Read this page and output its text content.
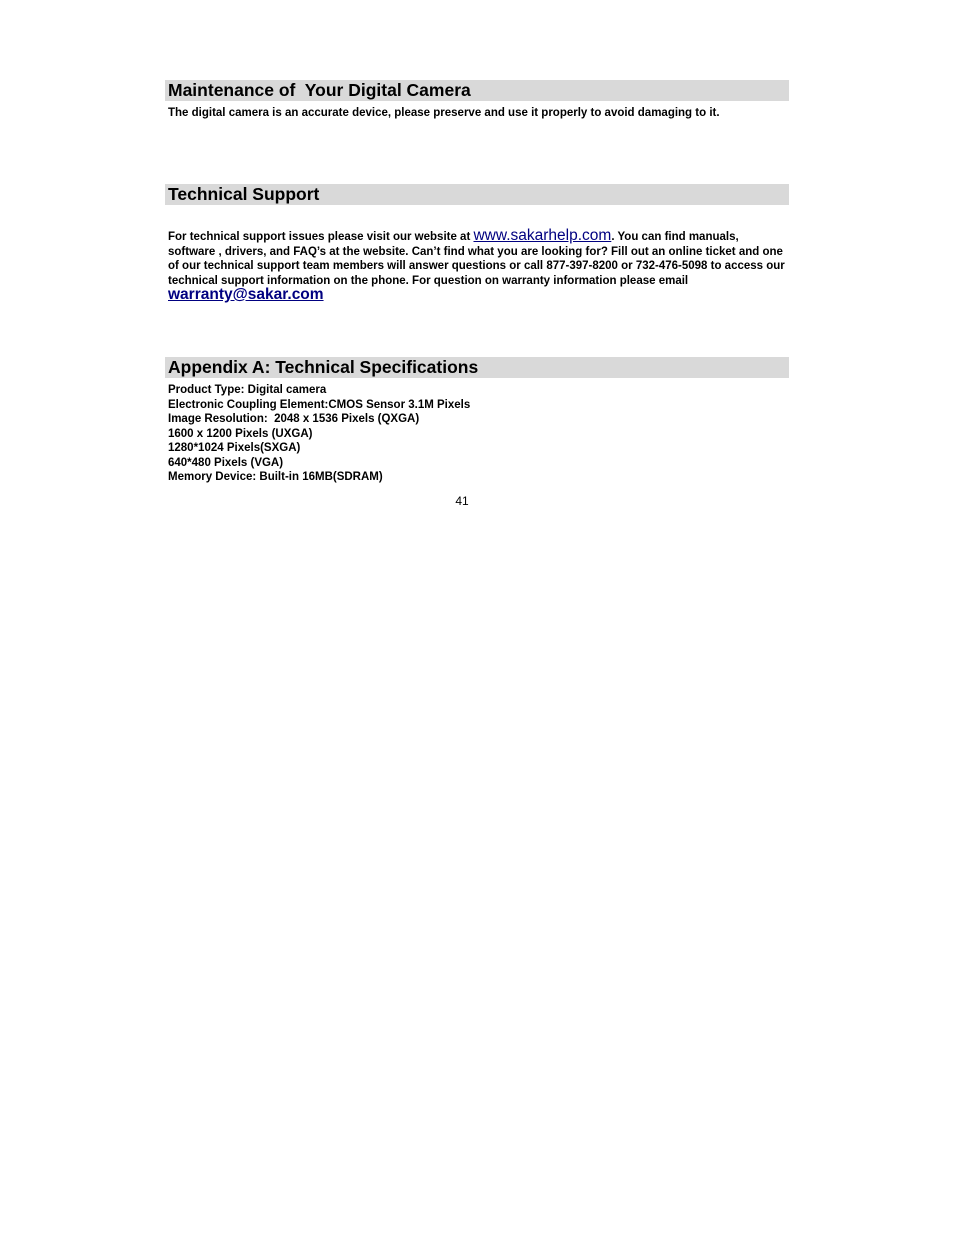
Maintenance of  Your Digital Camera

The digital camera is an accurate device, please preserve and use it properly to avoid damaging to it.

Technical Support

For technical support issues please visit our website at www.sakarhelp.com. You can find manuals, software , drivers, and FAQ’s at the website. Can’t find what you are looking for? Fill out an online ticket and one of our technical support team members will answer questions or call 877-397-8200 or 732-476-5098 to access our technical support information on the phone. For question on warranty information please email warranty@sakar.com

Appendix A: Technical Specifications
Product Type: Digital camera
Electronic Coupling Element:CMOS Sensor 3.1M Pixels
Image Resolution:  2048 x 1536 Pixels (QXGA)
1600 x 1200 Pixels (UXGA)
1280*1024 Pixels(SXGA)
640*480 Pixels (VGA)
Memory Device: Built-in 16MB(SDRAM)

41
